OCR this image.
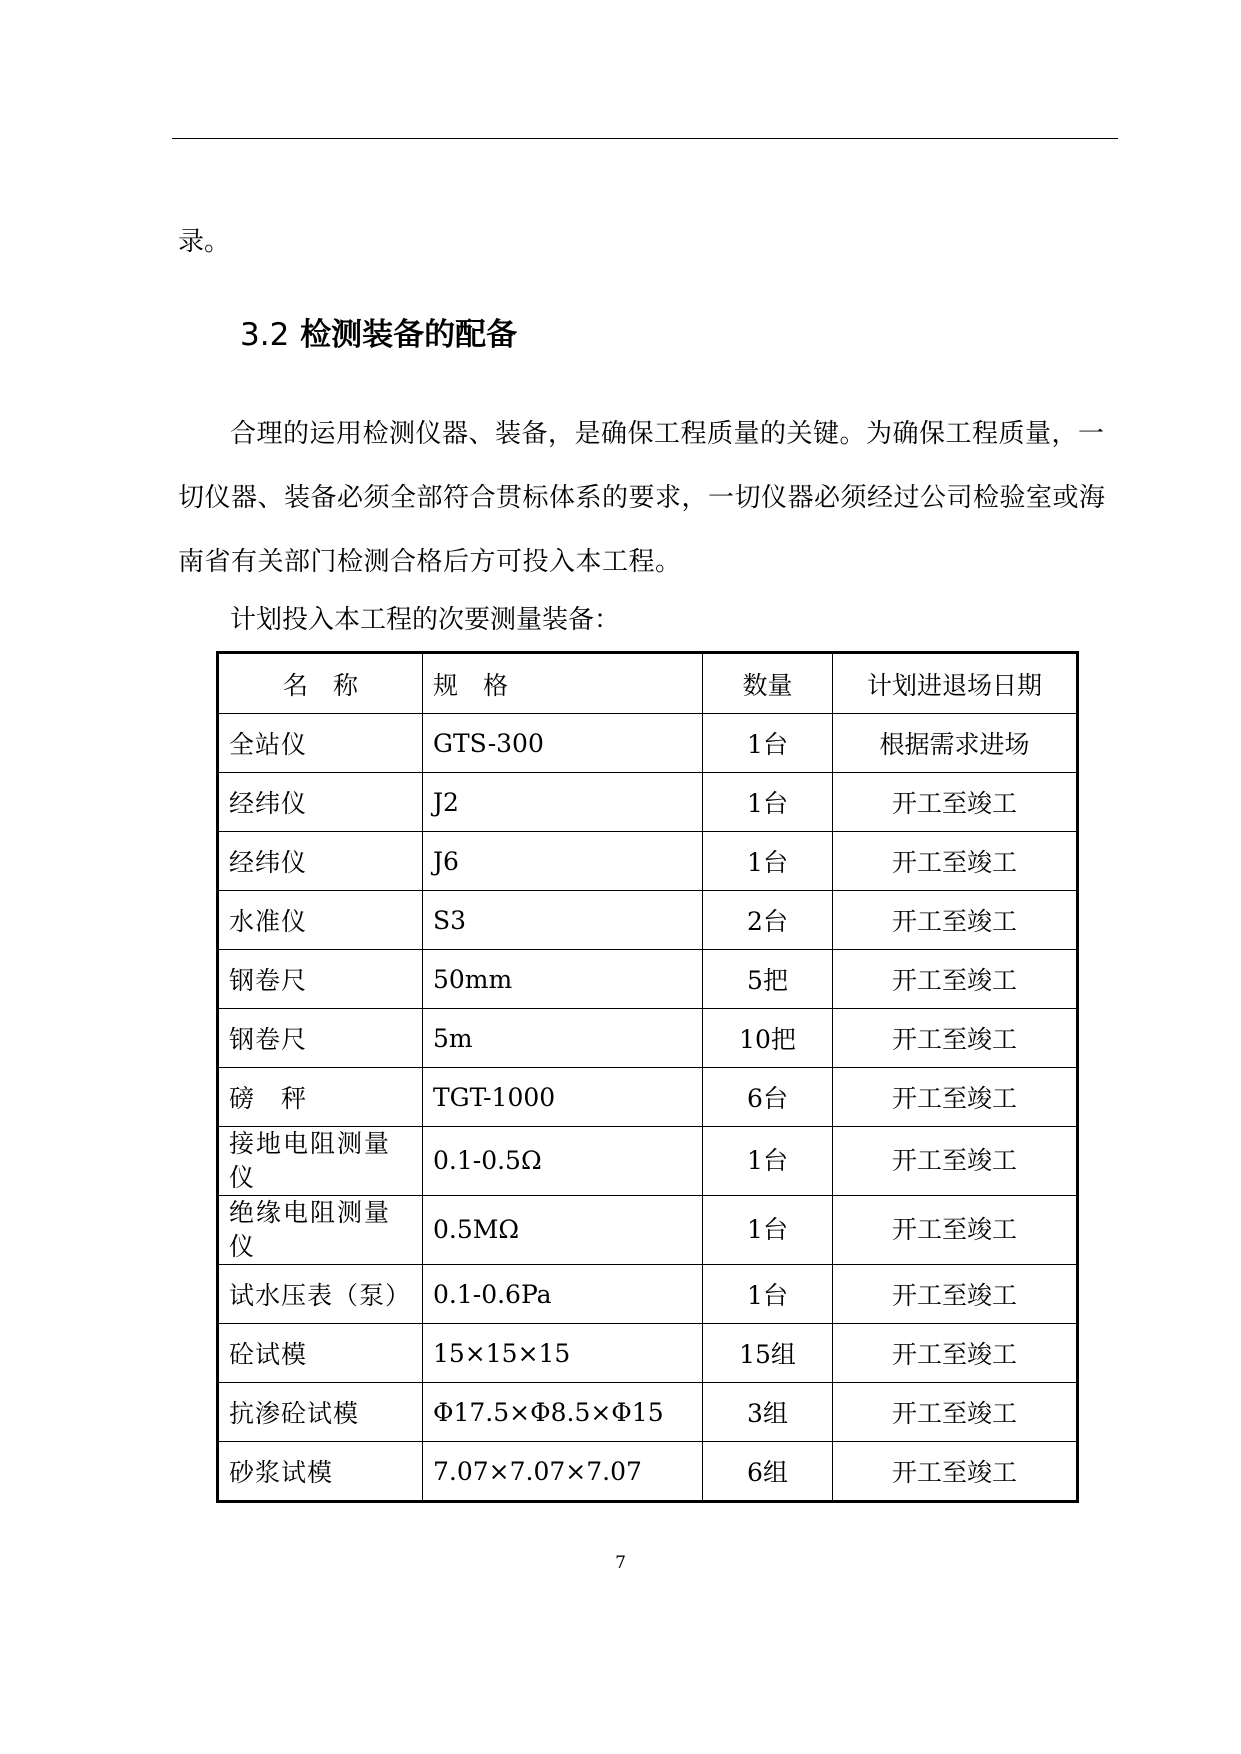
录。
3.2 检测装备的配备

合理的运用检测仪器、装备，是确保工程质量的关键。为确保工程质量，一切仪器、装备必须全部符合贯标体系的要求，一切仪器必须经过公司检验室或海南省有关部门检测合格后方可投入本工程。

计划投入本工程的次要测量装备：
名　称	规　格	数量	计划进退场日期
全站仪	GTS-300	1台	根据需求进场
经纬仪	J2	1台	开工至竣工
经纬仪	J6	1台	开工至竣工
水准仪	S3	2台	开工至竣工
钢卷尺	50mm	5把	开工至竣工
钢卷尺	5m	10把	开工至竣工
磅　秤	TGT-1000	6台	开工至竣工
接地电阻测量仪	0.1-0.5Ω	1台	开工至竣工
绝缘电阻测量仪	0.5MΩ	1台	开工至竣工
试水压表（泵）	0.1-0.6Pa	1台	开工至竣工
砼试模	15×15×15	15组	开工至竣工
抗渗砼试模	Φ17.5×Φ8.5×Φ15	3组	开工至竣工
砂浆试模	7.07×7.07×7.07	6组	开工至竣工
7
